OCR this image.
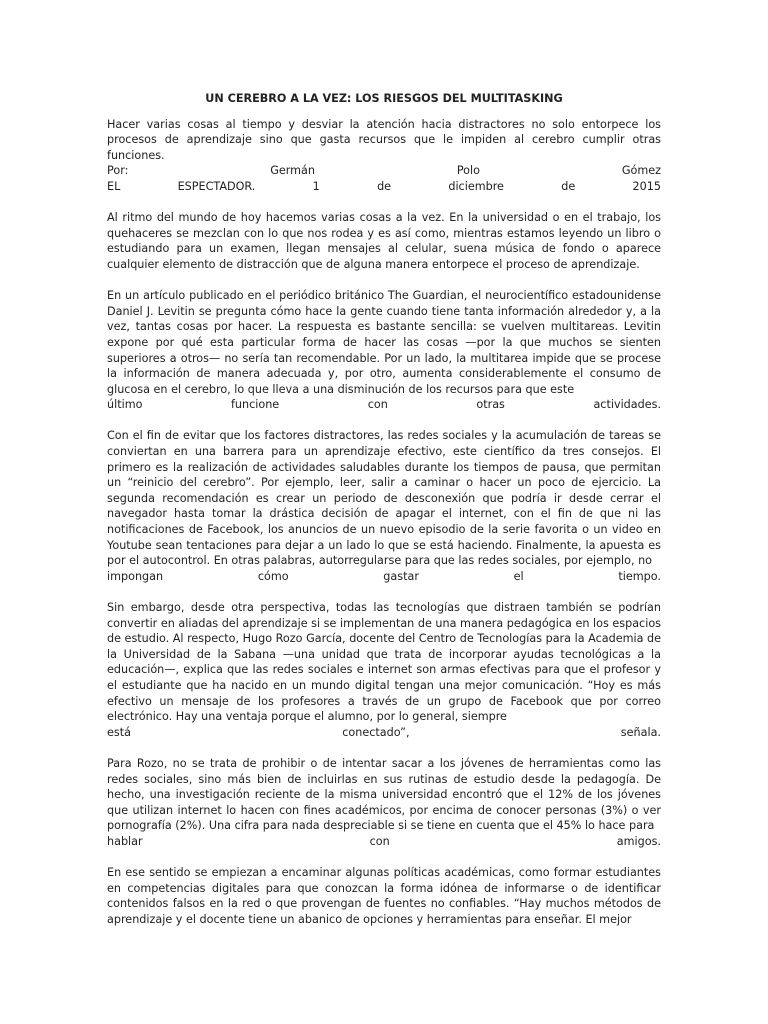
UN CEREBRO A LA VEZ: LOS RIESGOS DEL MULTITASKING

Hacer varias cosas al tiempo y desviar la atención hacia distractores no solo entorpece los procesos de aprendizaje sino que gasta recursos que le impiden al cerebro cumplir otras funciones.

Por: Germán Polo Gómez

EL ESPECTADOR. 1 de diciembre de 2015

Al ritmo del mundo de hoy hacemos varias cosas a la vez. En la universidad o en el trabajo, los quehaceres se mezclan con lo que nos rodea y es así como, mientras estamos leyendo un libro o estudiando para un examen, llegan mensajes al celular, suena música de fondo o aparece cualquier elemento de distracción que de alguna manera entorpece el proceso de aprendizaje.

En un artículo publicado en el periódico británico The Guardian, el neurocientífico estadounidense Daniel J. Levitin se pregunta cómo hace la gente cuando tiene tanta información alrededor y, a la vez, tantas cosas por hacer. La respuesta es bastante sencilla: se vuelven multitareas. Levitin expone por qué esta particular forma de hacer las cosas —por la que muchos se sienten superiores a otros— no sería tan recomendable. Por un lado, la multitarea impide que se procese la información de manera adecuada y, por otro, aumenta considerablemente el consumo de glucosa en el cerebro, lo que lleva a una disminución de los recursos para que este

último funcione con otras actividades.

Con el fin de evitar que los factores distractores, las redes sociales y la acumulación de tareas se conviertan en una barrera para un aprendizaje efectivo, este científico da tres consejos. El primero es la realización de actividades saludables durante los tiempos de pausa, que permitan un “reinicio del cerebro”. Por ejemplo, leer, salir a caminar o hacer un poco de ejercicio. La segunda recomendación es crear un periodo de desconexión que podría ir desde cerrar el navegador hasta tomar la drástica decisión de apagar el internet, con el fin de que ni las notificaciones de Facebook, los anuncios de un nuevo episodio de la serie favorita o un video en Youtube sean tentaciones para dejar a un lado lo que se está haciendo. Finalmente, la apuesta es por el autocontrol. En otras palabras, autorregularse para que las redes sociales, por ejemplo, no

impongan cómo gastar el tiempo.

Sin embargo, desde otra perspectiva, todas las tecnologías que distraen también se podrían convertir en aliadas del aprendizaje si se implementan de una manera pedagógica en los espacios de estudio. Al respecto, Hugo Rozo García, docente del Centro de Tecnologías para la Academia de la Universidad de la Sabana —una unidad que trata de incorporar ayudas tecnológicas a la educación—, explica que las redes sociales e internet son armas efectivas para que el profesor y el estudiante que ha nacido en un mundo digital tengan una mejor comunicación. “Hoy es más efectivo un mensaje de los profesores a través de un grupo de Facebook que por correo electrónico. Hay una ventaja porque el alumno, por lo general, siempre

está conectado”, señala.

Para Rozo, no se trata de prohibir o de intentar sacar a los jóvenes de herramientas como las redes sociales, sino más bien de incluirlas en sus rutinas de estudio desde la pedagogía. De hecho, una investigación reciente de la misma universidad encontró que el 12% de los jóvenes que utilizan internet lo hacen con fines académicos, por encima de conocer personas (3%) o ver pornografía (2%). Una cifra para nada despreciable si se tiene en cuenta que el 45% lo hace para

hablar con amigos.

En ese sentido se empiezan a encaminar algunas políticas académicas, como formar estudiantes en competencias digitales para que conozcan la forma idónea de informarse o de identificar contenidos falsos en la red o que provengan de fuentes no confiables. “Hay muchos métodos de aprendizaje y el docente tiene un abanico de opciones y herramientas para enseñar. El mejor
